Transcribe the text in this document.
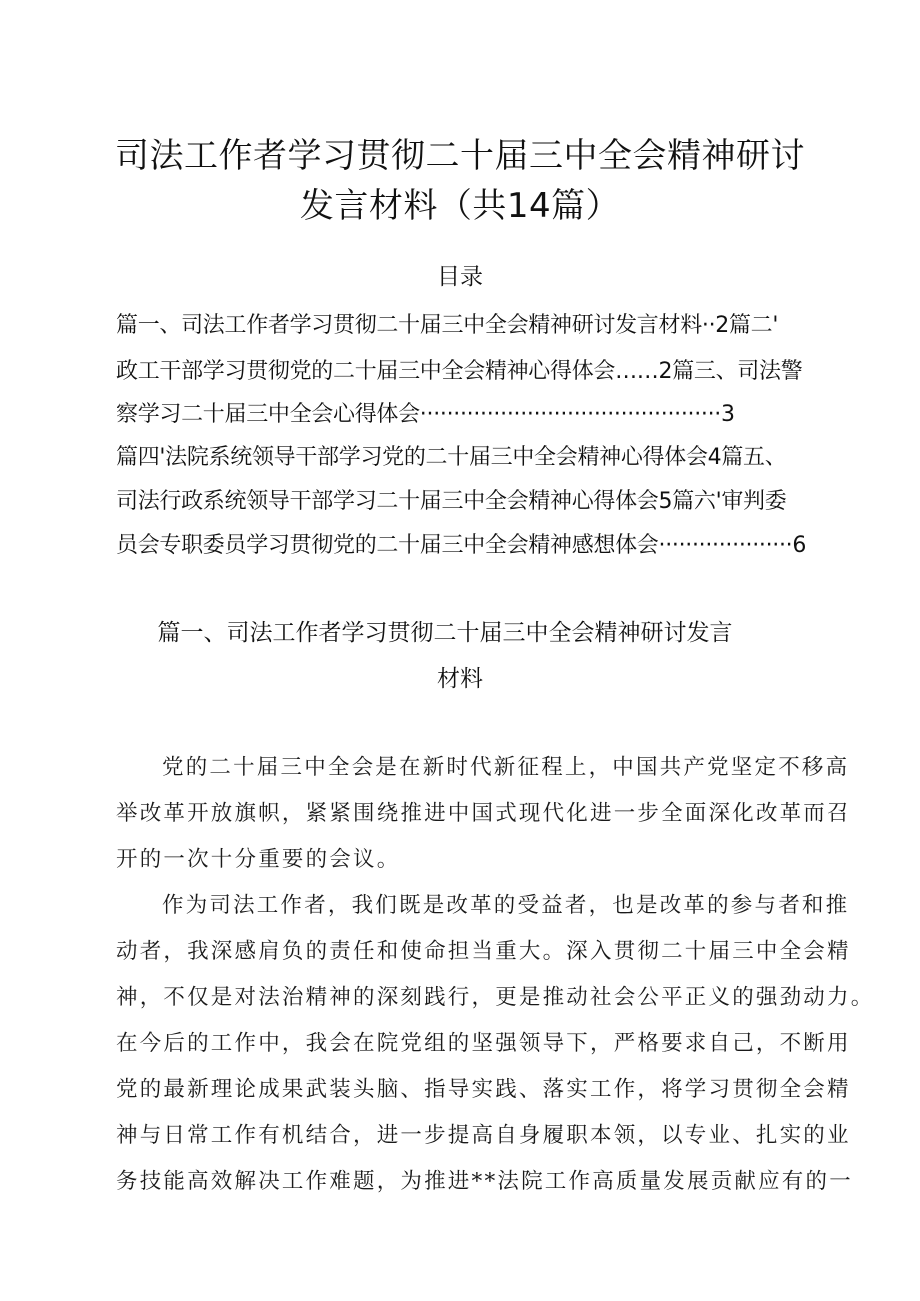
司法工作者学习贯彻二十届三中全会精神研讨
发言材料（共14篇）
目录
篇一、司法工作者学习贯彻二十届三中全会精神研讨发言材料··2篇二'
政工干部学习贯彻党的二十届三中全会精神心得体会……2篇三、司法警
察学习二十届三中全会心得体会·············································3
篇四'法院系统领导干部学习党的二十届三中全会精神心得体会4篇五、
司法行政系统领导干部学习二十届三中全会精神心得体会5篇六'审判委
员会专职委员学习贯彻党的二十届三中全会精神感想体会····················6
篇一、司法工作者学习贯彻二十届三中全会精神研讨发言
材料
党的二十届三中全会是在新时代新征程上，中国共产党坚定不移高
举改革开放旗帜，紧紧围绕推进中国式现代化进一步全面深化改革而召
开的一次十分重要的会议。
作为司法工作者，我们既是改革的受益者，也是改革的参与者和推
动者，我深感肩负的责任和使命担当重大。深入贯彻二十届三中全会精
神，不仅是对法治精神的深刻践行，更是推动社会公平正义的强劲动力。
在今后的工作中，我会在院党组的坚强领导下，严格要求自己，不断用
党的最新理论成果武装头脑、指导实践、落实工作，将学习贯彻全会精
神与日常工作有机结合，进一步提高自身履职本领，以专业、扎实的业
务技能高效解决工作难题，为推进**法院工作高质量发展贡献应有的一
